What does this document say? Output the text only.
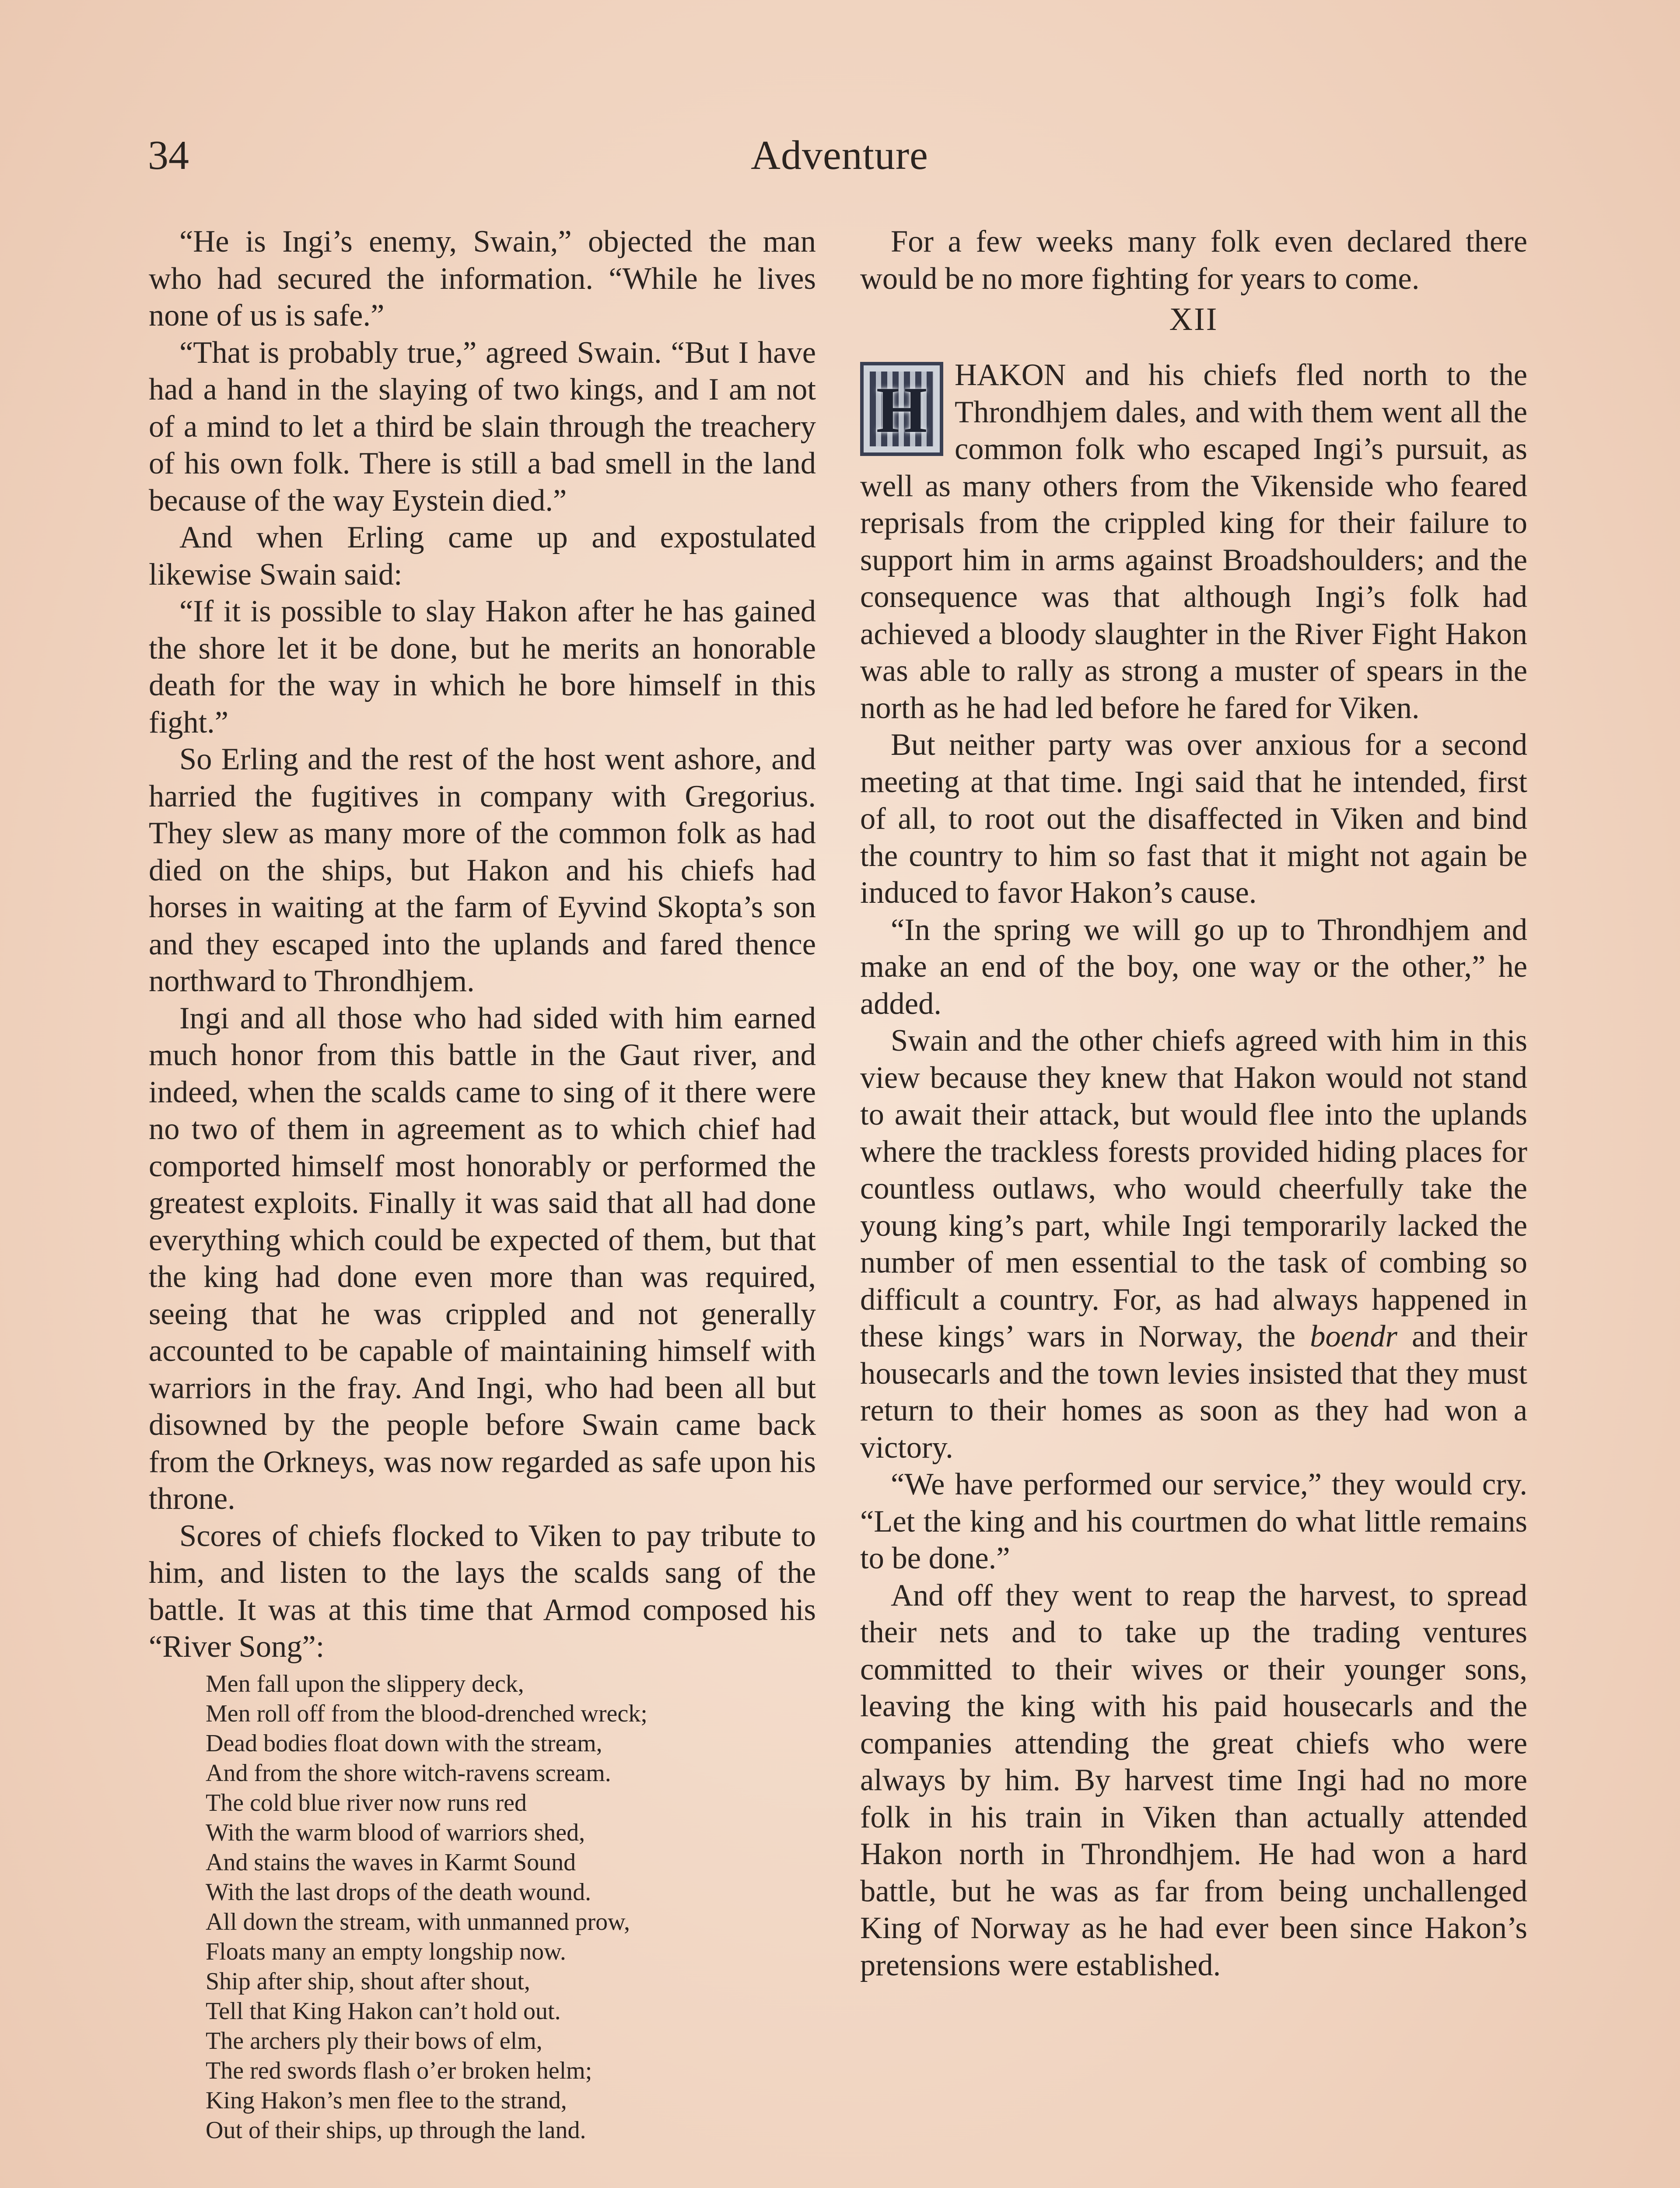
34	Adventure

“He is Ingi’s enemy, Swain,” objected the man who had secured the information. “While he lives none of us is safe.”

“That is probably true,” agreed Swain. “But I have had a hand in the slaying of two kings, and I am not of a mind to let a third be slain through the treachery of his own folk. There is still a bad smell in the land because of the way Eystein died.”

And when Erling came up and expostulated likewise Swain said:

“If it is possible to slay Hakon after he has gained the shore let it be done, but he merits an honorable death for the way in which he bore himself in this fight.”

So Erling and the rest of the host went ashore, and harried the fugitives in company with Gregorius. They slew as many more of the common folk as had died on the ships, but Hakon and his chiefs had horses in waiting at the farm of Eyvind Skopta’s son and they escaped into the uplands and fared thence northward to Throndhjem.

Ingi and all those who had sided with him earned much honor from this battle in the Gaut river, and indeed, when the scalds came to sing of it there were no two of them in agreement as to which chief had comported himself most honorably or performed the greatest exploits. Finally it was said that all had done everything which could be expected of them, but that the king had done even more than was required, seeing that he was crippled and not generally accounted to be capable of maintaining himself with warriors in the fray. And Ingi, who had been all but disowned by the people before Swain came back from the Orkneys, was now regarded as safe upon his throne.

Scores of chiefs flocked to Viken to pay tribute to him, and listen to the lays the scalds sang of the battle. It was at this time that Armod composed his “River Song”:

Men fall upon the slippery deck,
Men roll off from the blood-drenched wreck;
Dead bodies float down with the stream,
And from the shore witch-ravens scream.
The cold blue river now runs red
With the warm blood of warriors shed,
And stains the waves in Karmt Sound
With the last drops of the death wound.
All down the stream, with unmanned prow,
Floats many an empty longship now.
Ship after ship, shout after shout,
Tell that King Hakon can’t hold out.
The archers ply their bows of elm,
The red swords flash o’er broken helm;
King Hakon’s men flee to the strand,
Out of their ships, up through the land.

For a few weeks many folk even declared there would be no more fighting for years to come.

XII

H HAKON and his chiefs fled north to the Throndhjem dales, and with them went all the common folk who escaped Ingi’s pursuit, as well as many others from the Vikenside who feared reprisals from the crippled king for their failure to support him in arms against Broadshoulders; and the consequence was that although Ingi’s folk had achieved a bloody slaughter in the River Fight Hakon was able to rally as strong a muster of spears in the north as he had led before he fared for Viken.

But neither party was over anxious for a second meeting at that time. Ingi said that he intended, first of all, to root out the disaffected in Viken and bind the country to him so fast that it might not again be induced to favor Hakon’s cause.

“In the spring we will go up to Throndhjem and make an end of the boy, one way or the other,” he added.

Swain and the other chiefs agreed with him in this view because they knew that Hakon would not stand to await their attack, but would flee into the uplands where the trackless forests provided hiding places for countless outlaws, who would cheerfully take the young king’s part, while Ingi temporarily lacked the number of men essential to the task of combing so difficult a country. For, as had always happened in these kings’ wars in Norway, the boendr and their housecarls and the town levies insisted that they must return to their homes as soon as they had won a victory.

“We have performed our service,” they would cry. “Let the king and his courtmen do what little remains to be done.”

And off they went to reap the harvest, to spread their nets and to take up the trading ventures committed to their wives or their younger sons, leaving the king with his paid housecarls and the companies attending the great chiefs who were always by him. By harvest time Ingi had no more folk in his train in Viken than actually attended Hakon north in Throndhjem. He had won a hard battle, but he was as far from being unchallenged King of Norway as he had ever been since Hakon’s pretensions were established.
